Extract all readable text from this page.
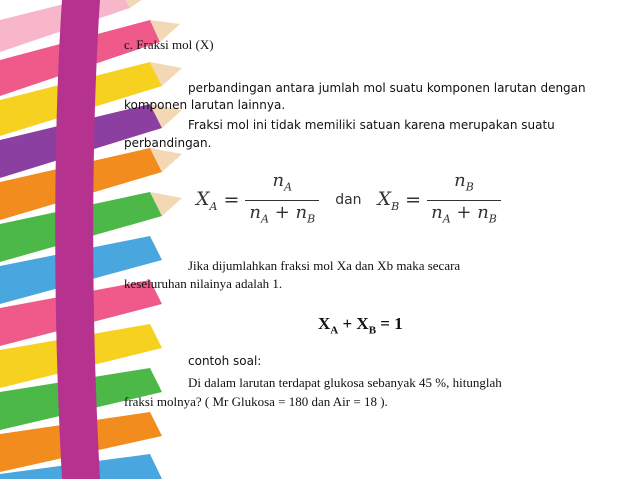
c. Fraksi mol (X)
perbandingan antara jumlah mol suatu komponen larutan dengan
komponen larutan lainnya.
Fraksi mol ini tidak memiliki satuan karena merupakan suatu
perbandingan.
$X_A = \frac{n_A}{n_A + n_B}$ dan $X_B = \frac{n_B}{n_A + n_B}$
Jika dijumlahkan fraksi mol Xa dan Xb maka secara
keseluruhan nilainya adalah 1.
$X_A + X_B = 1$
contoh soal:
Di dalam larutan terdapat glukosa sebanyak 45 %, hitunglah
fraksi molnya? ( Mr Glukosa = 180 dan Air = 18 ).
